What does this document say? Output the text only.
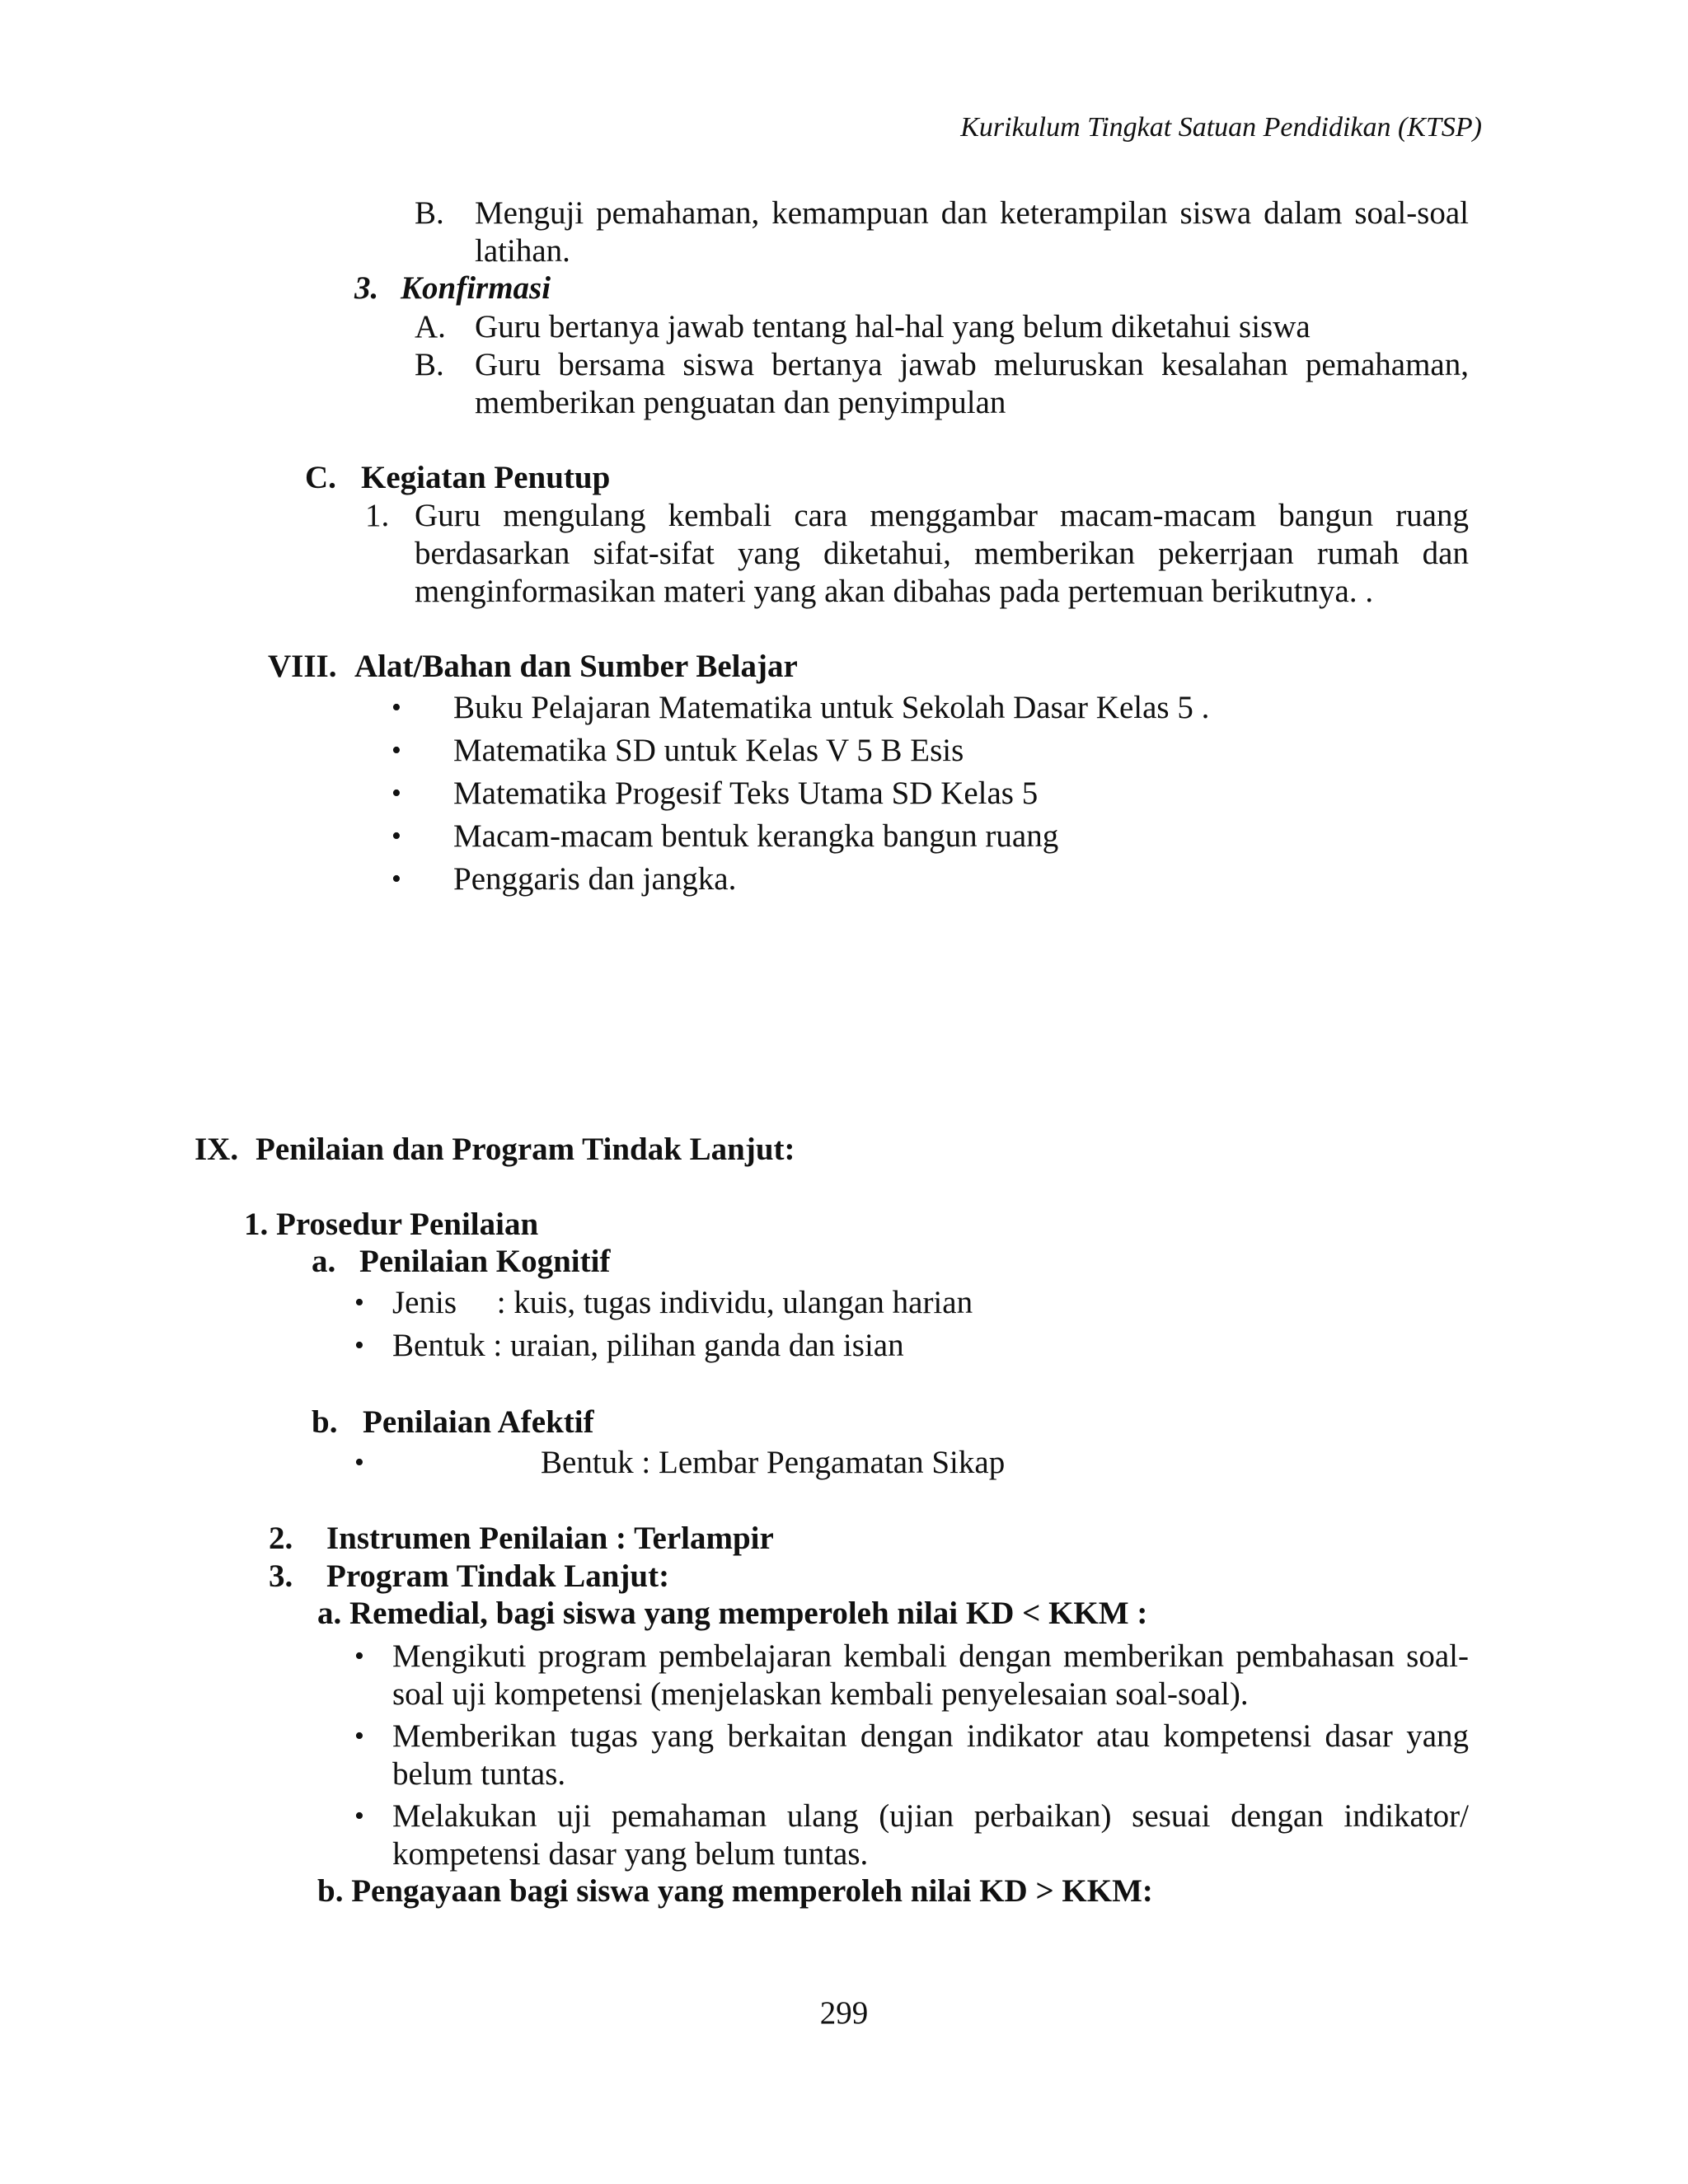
Kurikulum Tingkat Satuan Pendidikan (KTSP)
B. Menguji pemahaman, kemampuan dan keterampilan siswa dalam soal-soal
latihan.
3. Konfirmasi
A. Guru bertanya jawab tentang hal-hal yang belum diketahui siswa
B. Guru bersama siswa bertanya jawab meluruskan kesalahan pemahaman,
memberikan penguatan dan penyimpulan
C. Kegiatan Penutup
1. Guru mengulang kembali cara menggambar macam-macam bangun ruang
berdasarkan sifat-sifat yang diketahui, memberikan pekerrjaan rumah dan
menginformasikan materi yang akan dibahas pada pertemuan berikutnya. .
VIII. Alat/Bahan dan Sumber Belajar
• Buku Pelajaran Matematika untuk Sekolah Dasar Kelas 5 .
• Matematika SD untuk Kelas V 5 B Esis
• Matematika Progesif Teks Utama SD Kelas 5
• Macam-macam bentuk kerangka bangun ruang
• Penggaris dan jangka.
IX. Penilaian dan Program Tindak Lanjut:
1. Prosedur Penilaian
a. Penilaian Kognitif
• Jenis     : kuis, tugas individu, ulangan harian
• Bentuk : uraian, pilihan ganda dan isian
b. Penilaian Afektif
•	Bentuk : Lembar Pengamatan Sikap
2. Instrumen Penilaian : Terlampir
3. Program Tindak Lanjut:
a. Remedial, bagi siswa yang memperoleh nilai KD < KKM :
• Mengikuti program pembelajaran kembali dengan memberikan pembahasan soal-
soal uji kompetensi (menjelaskan kembali penyelesaian soal-soal).
• Memberikan tugas yang berkaitan dengan indikator atau kompetensi dasar yang
belum tuntas.
• Melakukan uji pemahaman ulang (ujian perbaikan) sesuai dengan indikator/
kompetensi dasar yang belum tuntas.
b. Pengayaan bagi siswa yang memperoleh nilai KD > KKM:
299
